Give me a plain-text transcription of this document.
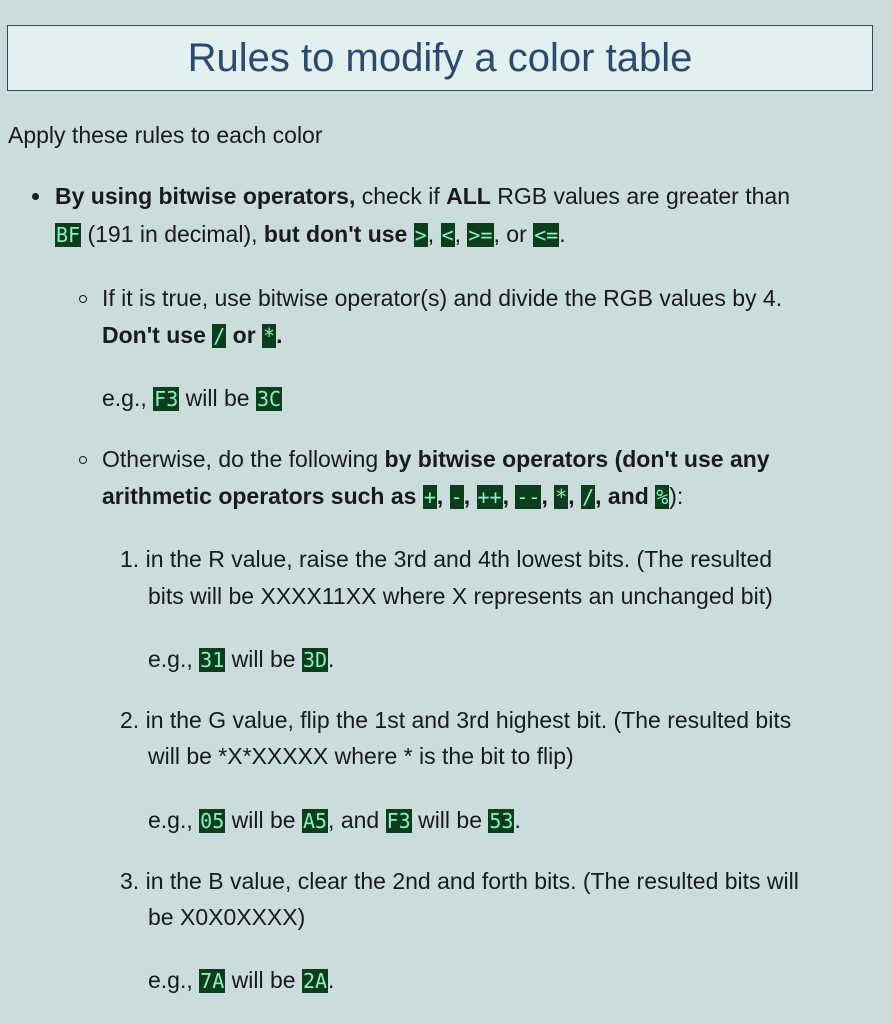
Rules to modify a color table
Apply these rules to each color
By using bitwise operators, check if ALL RGB values are greater than
BF (191 in decimal), but don't use >, <, >=, or <=.
If it is true, use bitwise operator(s) and divide the RGB values by 4.
Don't use / or *.
e.g., F3 will be 3C
Otherwise, do the following by bitwise operators (don't use any
arithmetic operators such as +, -, ++, --, *, /, and %):
1. in the R value, raise the 3rd and 4th lowest bits. (The resulted
bits will be XXXX11XX where X represents an unchanged bit)
e.g., 31 will be 3D.
2. in the G value, flip the 1st and 3rd highest bit. (The resulted bits
will be *X*XXXXX where * is the bit to flip)
e.g., 05 will be A5, and F3 will be 53.
3. in the B value, clear the 2nd and forth bits. (The resulted bits will
be X0X0XXXX)
e.g., 7A will be 2A.
